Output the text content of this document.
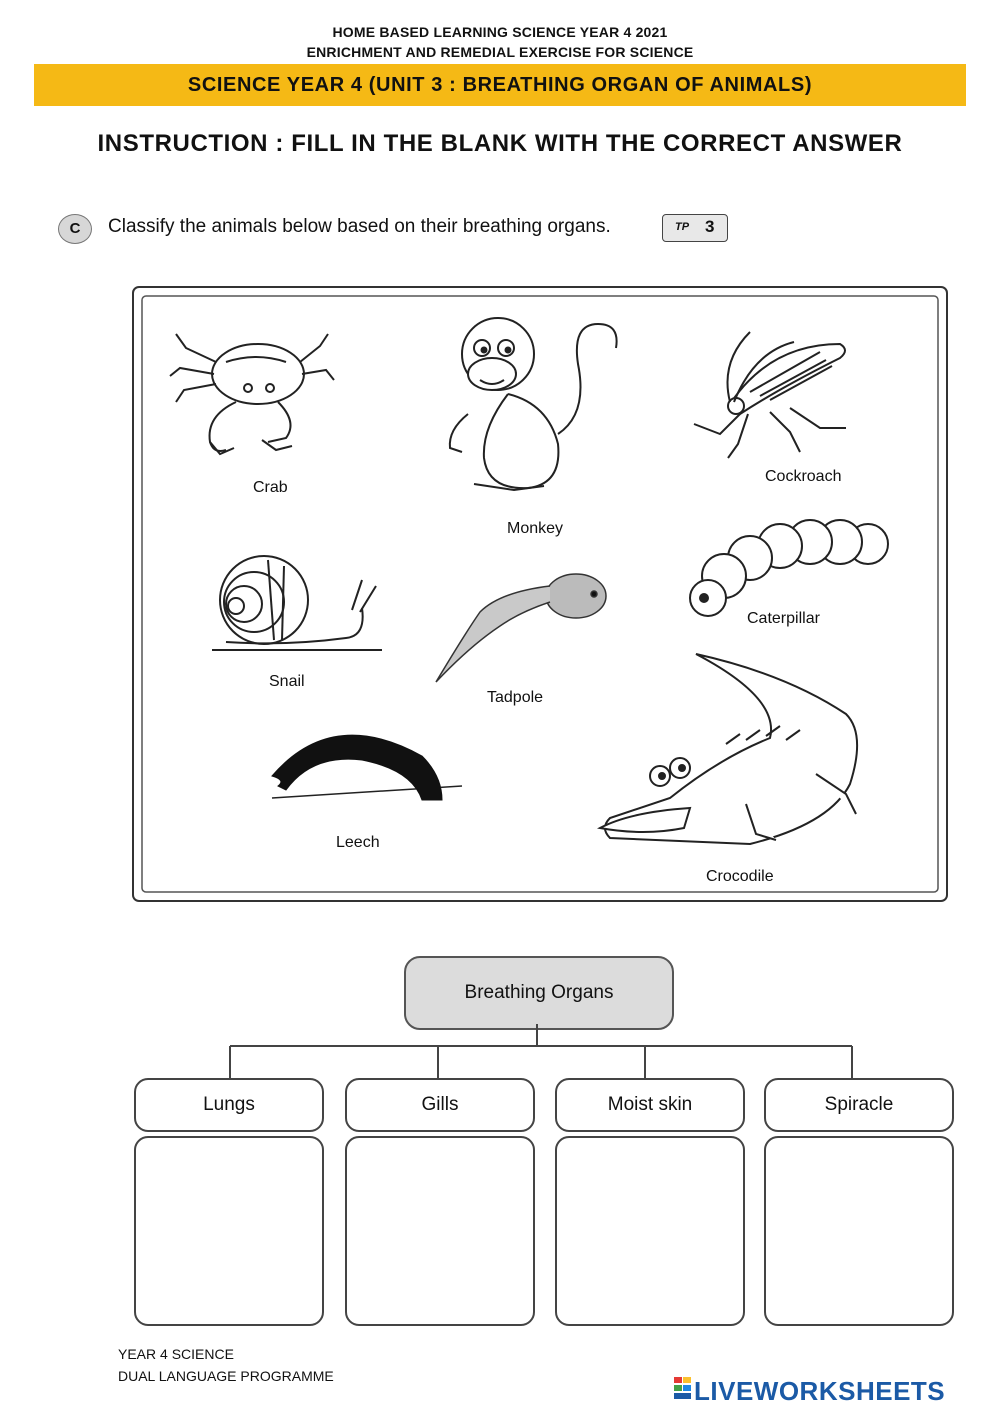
HOME BASED LEARNING SCIENCE YEAR 4 2021
ENRICHMENT AND REMEDIAL EXERCISE FOR SCIENCE
SCIENCE YEAR 4 (UNIT 3 : BREATHING ORGAN OF ANIMALS)
INSTRUCTION : FILL IN THE BLANK WITH THE CORRECT ANSWER
C	Classify the animals below based on their breathing organs.	TP 3
Crab
Monkey
Cockroach
Snail
Tadpole
Caterpillar
Leech
Crocodile
Breathing Organs
Lungs	Gills	Moist skin	Spiracle
YEAR 4 SCIENCE
DUAL LANGUAGE PROGRAMME	LIVEWORKSHEETS
